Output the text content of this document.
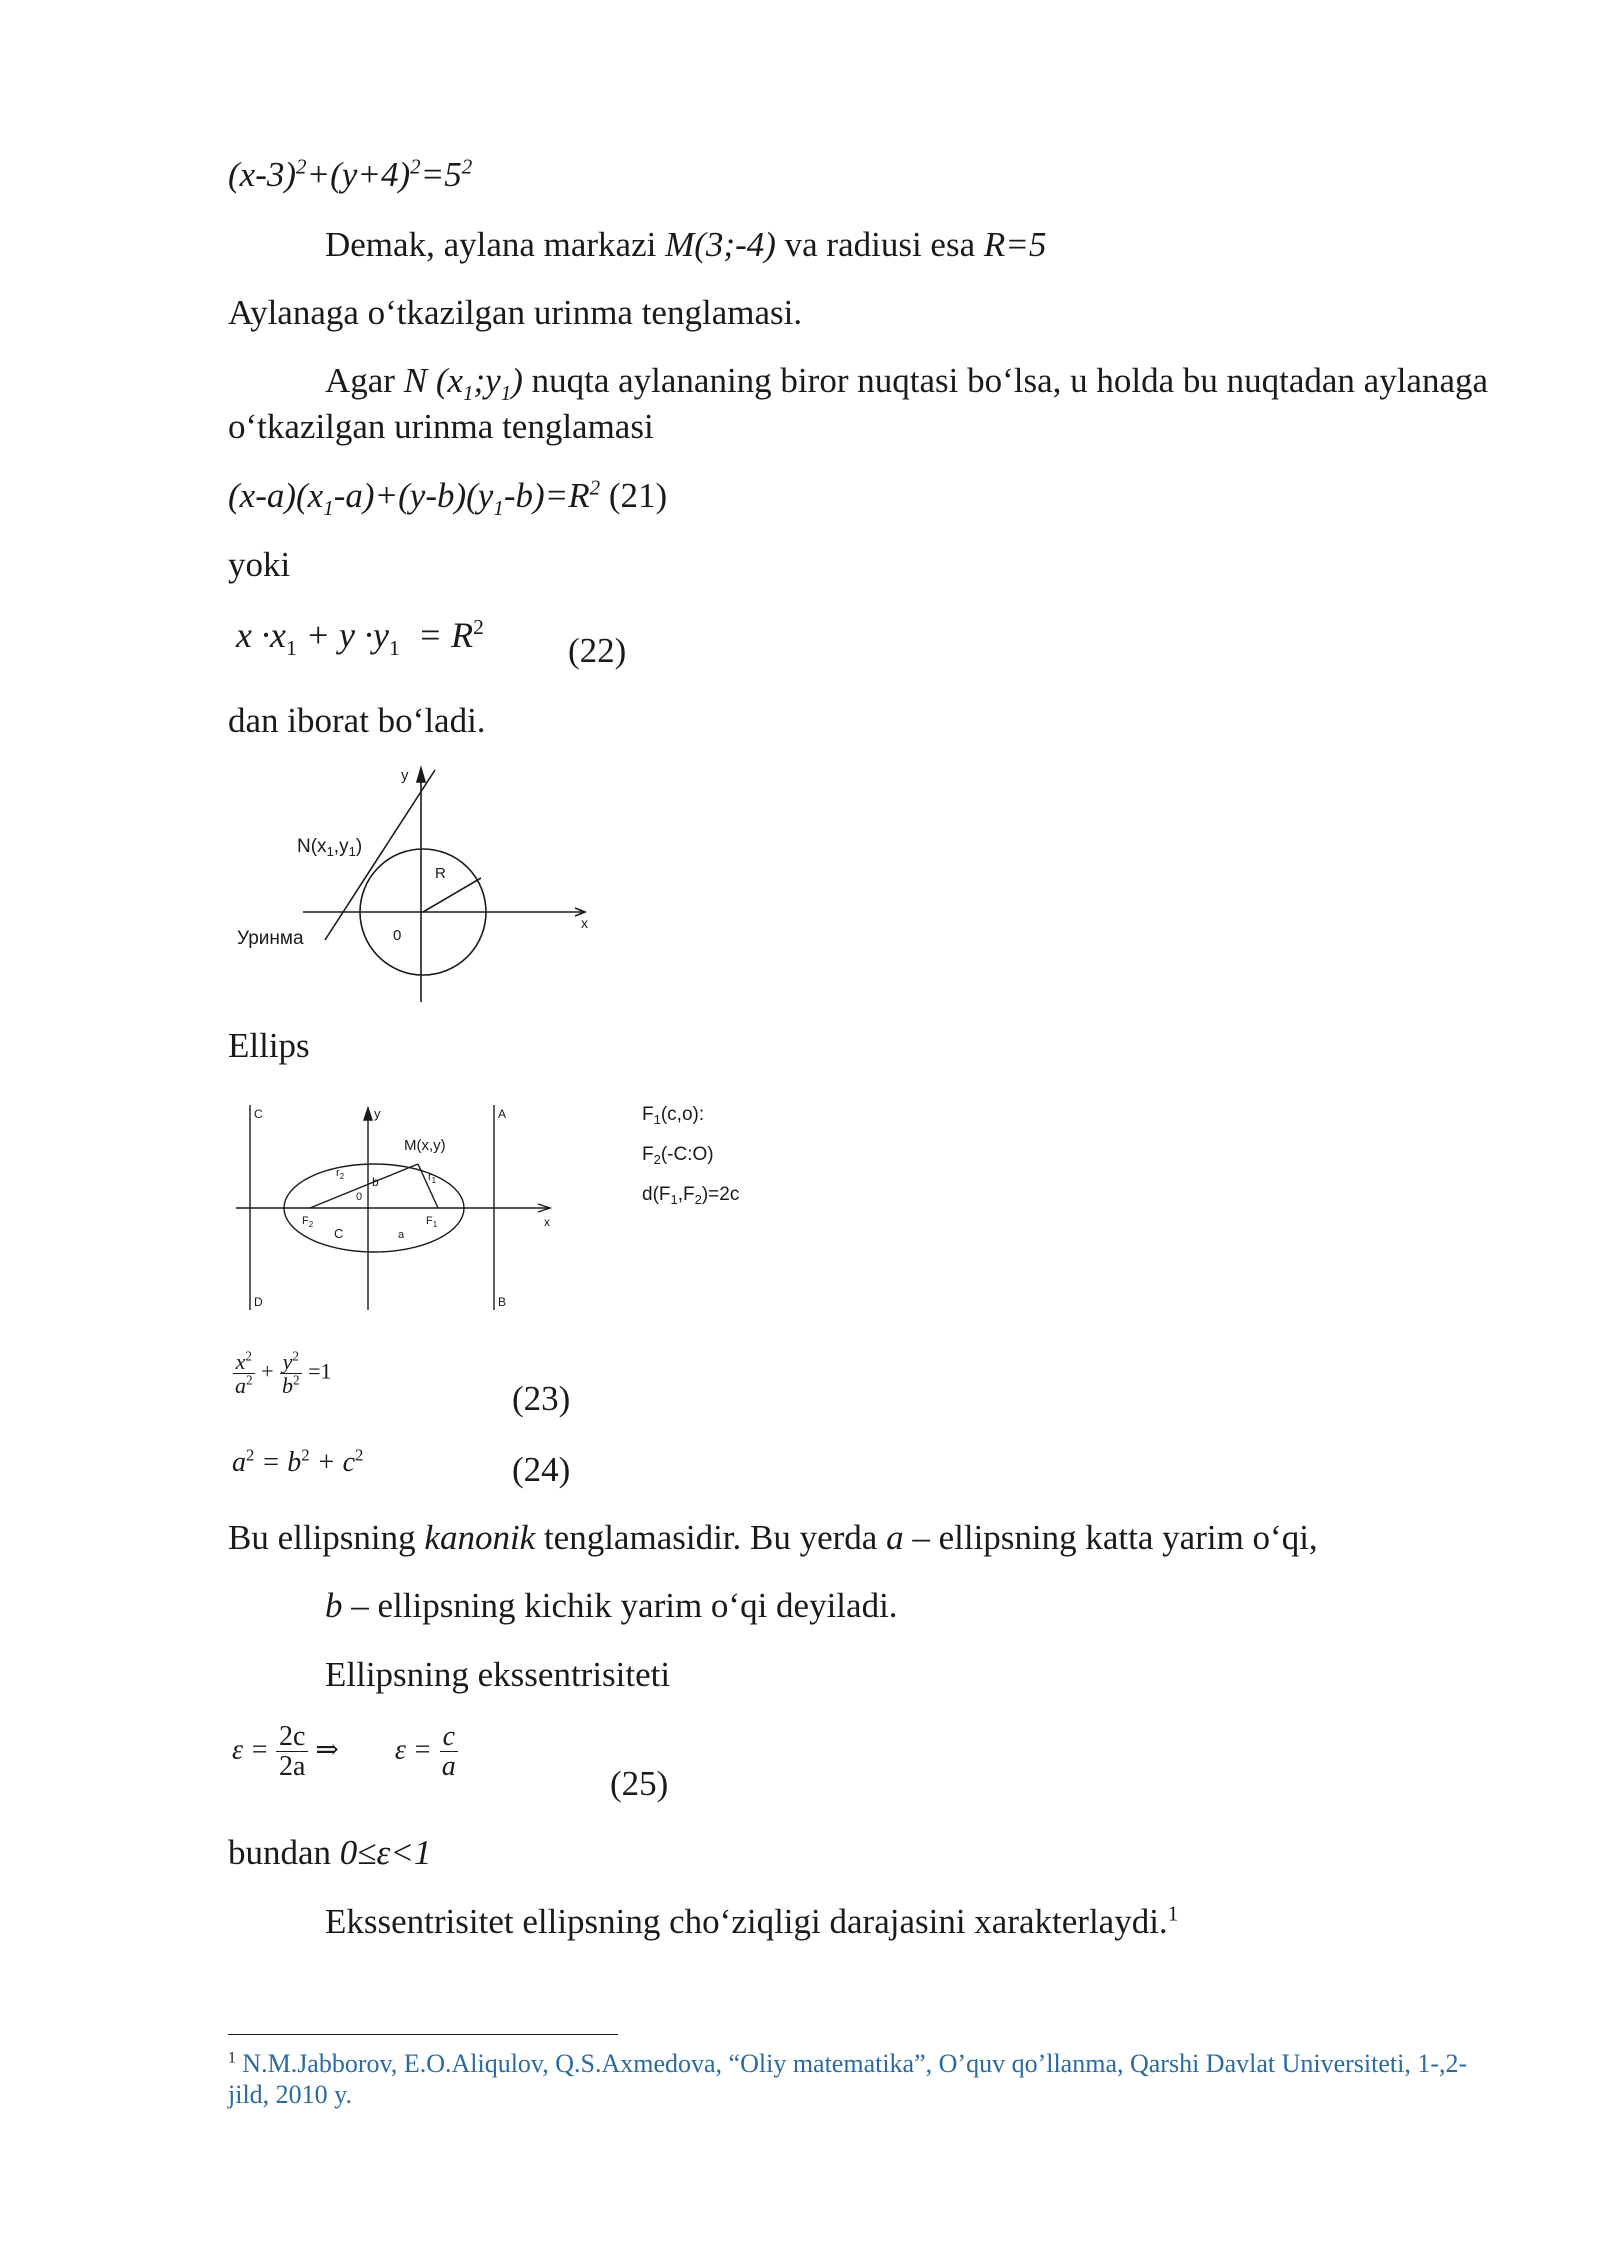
$(x-3)^2+(y+4)^2=5^2$
Demak, aylana markazi M(3;-4) va radiusi esa R=5
Aylanaga o‘tkazilgan urinma tenglamasi.
Agar N $(x_1;y_1)$ nuqta aylananing biror nuqtasi bo‘lsa, u holda bu nuqtadan aylanaga o‘tkazilgan urinma tenglamasi
$(x-a)(x_1-a)+(y-b)(y_1-b)=R^2$ (21)
yoki
$x \cdot x_1 + y \cdot y_1 = R^2$
(22)
dan iborat bo‘ladi.
y
x
$N(x_1,y_1)$
R
0
Уринма
Ellips
C	A
D	B
y
x
M(x,y)
$r_2$	$r_1$
b
0
$F_2$	$F_1$
C	a
$F_1(c,o)$:
$F_2(-C:O)$
$d(F_1,F_2)=2c$
$\frac{x^2}{a^2} + \frac{y^2}{b^2} =1$
(23)
$a^2 = b^2 + c^2$	(24)
Bu ellipsning kanonik tenglamasidir. Bu yerda a – ellipsning katta yarim o‘qi,
b – ellipsning kichik yarim o‘qi deyiladi.
Ellipsning ekssentrisiteti
$\varepsilon = \frac{2c}{2a}$ ⇒ $\varepsilon = \frac{c}{a}$
(25)
bundan 0≤ε<1
Ekssentrisitet ellipsning cho‘ziqligi darajasini xarakterlaydi.$^1$
$^1$ N.M.Jabborov, E.O.Aliqulov, Q.S.Axmedova, “Oliy matematika”, O’quv qo’llanma, Qarshi Davlat Universiteti, 1-,2-jild, 2010 y.
